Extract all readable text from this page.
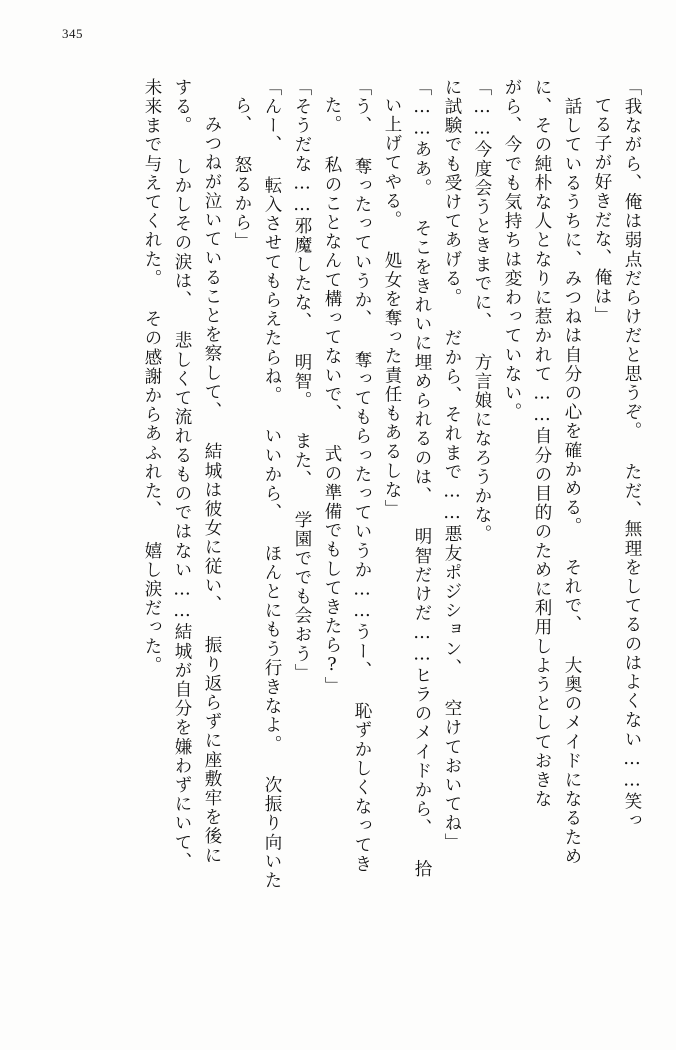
345
「我ながら、俺は弱点だらけだと思うぞ。 ただ、無理をしてるのはよくない……笑っ
てる子が好きだな、俺は」
　話しているうちに、みつねは自分の心を確かめる。 それで、 大奥のメイドになるため
に、その純朴な人となりに惹かれて……自分の目的のために利用しようとしておきな
がら、今でも気持ちは変わっていない。
「……今度会うときまでに、 方言娘になろうかな。
に試験でも受けてあげる。 だから、それまで……悪友ポジション、 空けておいてね」
「……ああ。 そこをきれいに埋められるのは、 明智だけだ……ヒラのメイドから、 拾
い上げてやる。 処女を奪った責任もあるしな」
「う、 奪ったっていうか、 奪ってもらったっていうか……うー、 恥ずかしくなってき
た。 私のことなんて構ってないで、 式の準備でもしてきたら?」
「そうだな……邪魔したな、 明智。 また、 学園ででも会おう」
「んー、 転入させてもらえたらね。 いいから、 ほんとにもう行きなよ。 次振り向いた
ら、 怒るから」
　みつねが泣いていることを察して、 結城は彼女に従い、 振り返らずに座敷牢を後に
する。 しかしその涙は、 悲しくて流れるものではない……結城が自分を嫌わずにいて、
未来まで与えてくれた。 その感謝からあふれた、 嬉し涙だった。
